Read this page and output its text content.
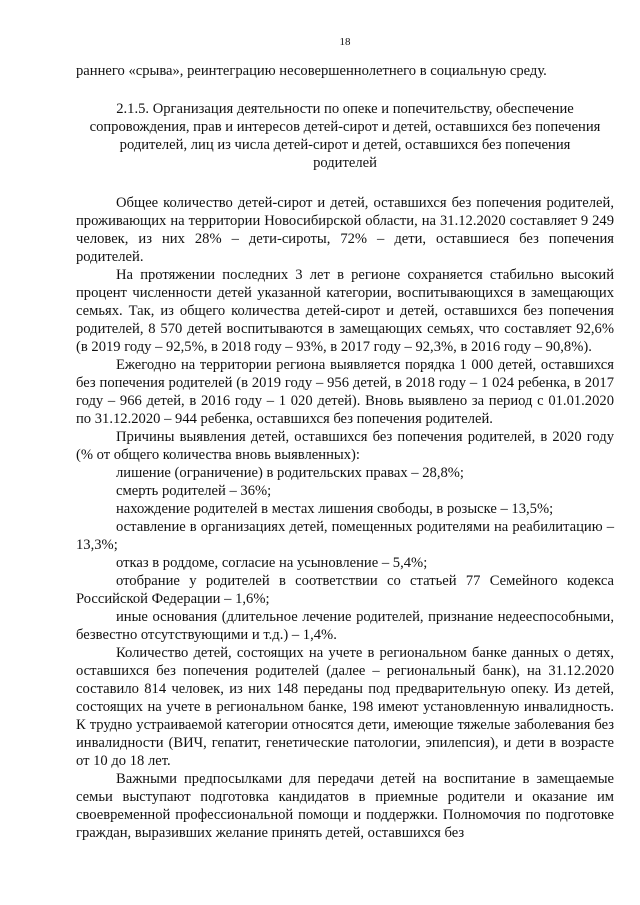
18

раннего «срыва», реинтеграцию несовершеннолетнего в социальную среду.

2.1.5. Организация деятельности по опеке и попечительству, обеспечение сопровождения, прав и интересов детей-сирот и детей, оставшихся без попечения родителей, лиц из числа детей-сирот и детей, оставшихся без попечения родителей

Общее количество детей-сирот и детей, оставшихся без попечения родителей, проживающих на территории Новосибирской области, на 31.12.2020 составляет 9 249 человек, из них 28% – дети-сироты, 72% – дети, оставшиеся без попечения родителей.

На протяжении последних 3 лет в регионе сохраняется стабильно высокий процент численности детей указанной категории, воспитывающихся в замещающих семьях. Так, из общего количества детей-сирот и детей, оставшихся без попечения родителей, 8 570 детей воспитываются в замещающих семьях, что составляет 92,6% (в 2019 году – 92,5%, в 2018 году – 93%, в 2017 году – 92,3%, в 2016 году – 90,8%).

Ежегодно на территории региона выявляется порядка 1 000 детей, оставшихся без попечения родителей (в 2019 году – 956 детей, в 2018 году – 1 024 ребенка, в 2017 году – 966 детей, в 2016 году – 1 020 детей). Вновь выявлено за период с 01.01.2020 по 31.12.2020 – 944 ребенка, оставшихся без попечения родителей.

Причины выявления детей, оставшихся без попечения родителей, в 2020 году (% от общего количества вновь выявленных):

лишение (ограничение) в родительских правах – 28,8%;

смерть родителей – 36%;

нахождение родителей в местах лишения свободы, в розыске – 13,5%;

оставление в организациях детей, помещенных родителями на реабилитацию – 13,3%;

отказ в роддоме, согласие на усыновление – 5,4%;

отобрание у родителей в соответствии со статьей 77 Семейного кодекса Российской Федерации – 1,6%;

иные основания (длительное лечение родителей, признание недееспособными, безвестно отсутствующими и т.д.) – 1,4%.

Количество детей, состоящих на учете в региональном банке данных о детях, оставшихся без попечения родителей (далее – региональный банк), на 31.12.2020 составило 814 человек, из них 148 переданы под предварительную опеку. Из детей, состоящих на учете в региональном банке, 198 имеют установленную инвалидность. К трудно устраиваемой категории относятся дети, имеющие тяжелые заболевания без инвалидности (ВИЧ, гепатит, генетические патологии, эпилепсия), и дети в возрасте от 10 до 18 лет.

Важными предпосылками для передачи детей на воспитание в замещаемые семьи выступают подготовка кандидатов в приемные родители и оказание им своевременной профессиональной помощи и поддержки. Полномочия по подготовке граждан, выразивших желание принять детей, оставшихся без
